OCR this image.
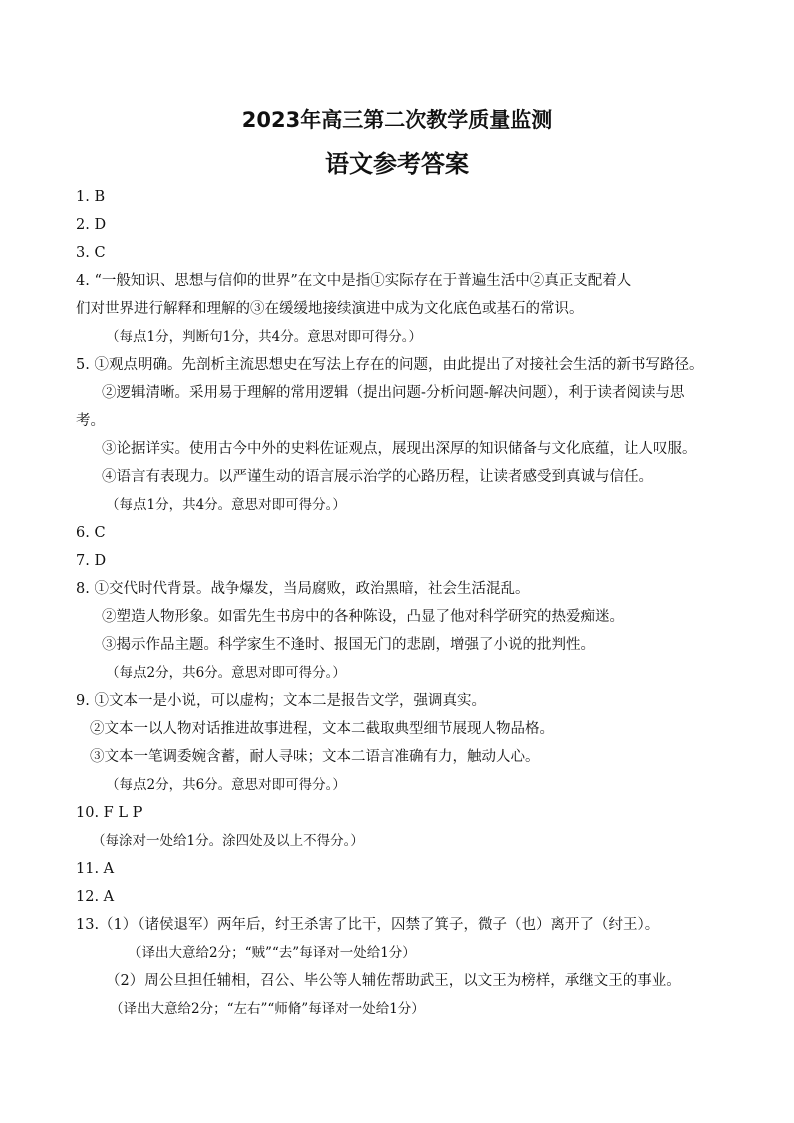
2023年高三第二次教学质量监测
语文参考答案
1. B
2. D
3. C
4. “一般知识、思想与信仰的世界”在文中是指①实际存在于普遍生活中②真正支配着人
们对世界进行解释和理解的③在缓缓地接续演进中成为文化底色或基石的常识。
（每点1分，判断句1分，共4分。意思对即可得分。）
5. ①观点明确。先剖析主流思想史在写法上存在的问题，由此提出了对接社会生活的新书写路径。
②逻辑清晰。采用易于理解的常用逻辑（提出问题-分析问题-解决问题），利于读者阅读与思
考。
③论据详实。使用古今中外的史料佐证观点，展现出深厚的知识储备与文化底蕴，让人叹服。
④语言有表现力。以严谨生动的语言展示治学的心路历程，让读者感受到真诚与信任。
（每点1分，共4分。意思对即可得分。）
6. C
7. D
8. ①交代时代背景。战争爆发，当局腐败，政治黑暗，社会生活混乱。
②塑造人物形象。如雷先生书房中的各种陈设，凸显了他对科学研究的热爱痴迷。
③揭示作品主题。科学家生不逢时、报国无门的悲剧，增强了小说的批判性。
（每点2分，共6分。意思对即可得分。）
9. ①文本一是小说，可以虚构；文本二是报告文学，强调真实。
②文本一以人物对话推进故事进程，文本二截取典型细节展现人物品格。
③文本一笔调委婉含蓄，耐人寻味；文本二语言准确有力，触动人心。
（每点2分，共6分。意思对即可得分。）
10. F L P
（每涂对一处给1分。涂四处及以上不得分。）
11. A
12. A
13.（1）（诸侯退军）两年后，纣王杀害了比干，囚禁了箕子，微子（也）离开了（纣王）。
（译出大意给2分；“贼”“去”每译对一处给1分）
（2）周公旦担任辅相，召公、毕公等人辅佐帮助武王，以文王为榜样，承继文王的事业。
（译出大意给2分；“左右”“师脩”每译对一处给1分）
